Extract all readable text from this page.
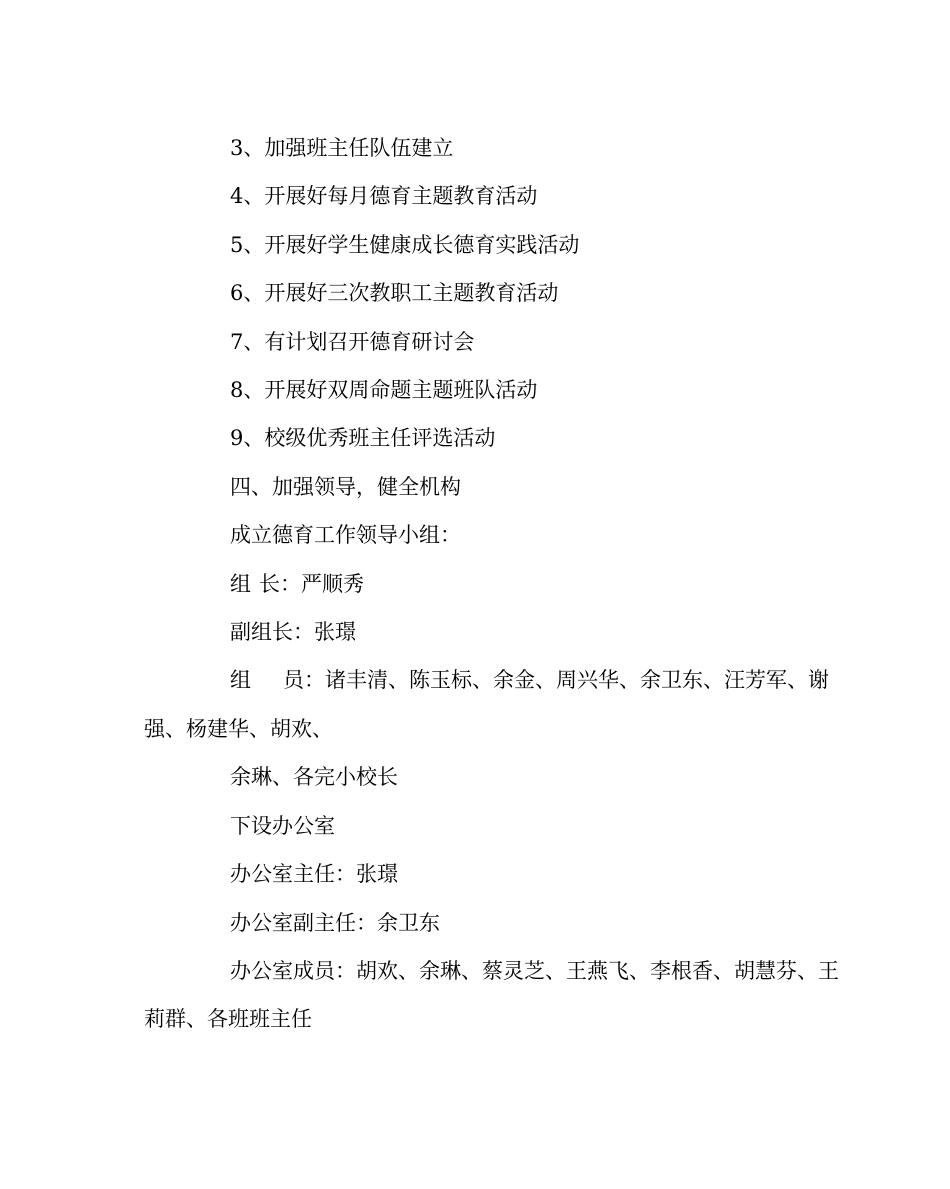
3、加强班主任队伍建立

4、开展好每月德育主题教育活动

5、开展好学生健康成长德育实践活动

6、开展好三次教职工主题教育活动

7、有计划召开德育研讨会

8、开展好双周命题主题班队活动

9、校级优秀班主任评选活动

四、加强领导，健全机构

成立德育工作领导小组：

组 长：严顺秀

副组长：张璟

组 员：诸丰清、陈玉标、余金、周兴华、余卫东、汪芳军、谢强、杨建华、胡欢、

余琳、各完小校长

下设办公室

办公室主任：张璟

办公室副主任：余卫东

办公室成员：胡欢、余琳、蔡灵芝、王燕飞、李根香、胡慧芬、王莉群、各班班主任
